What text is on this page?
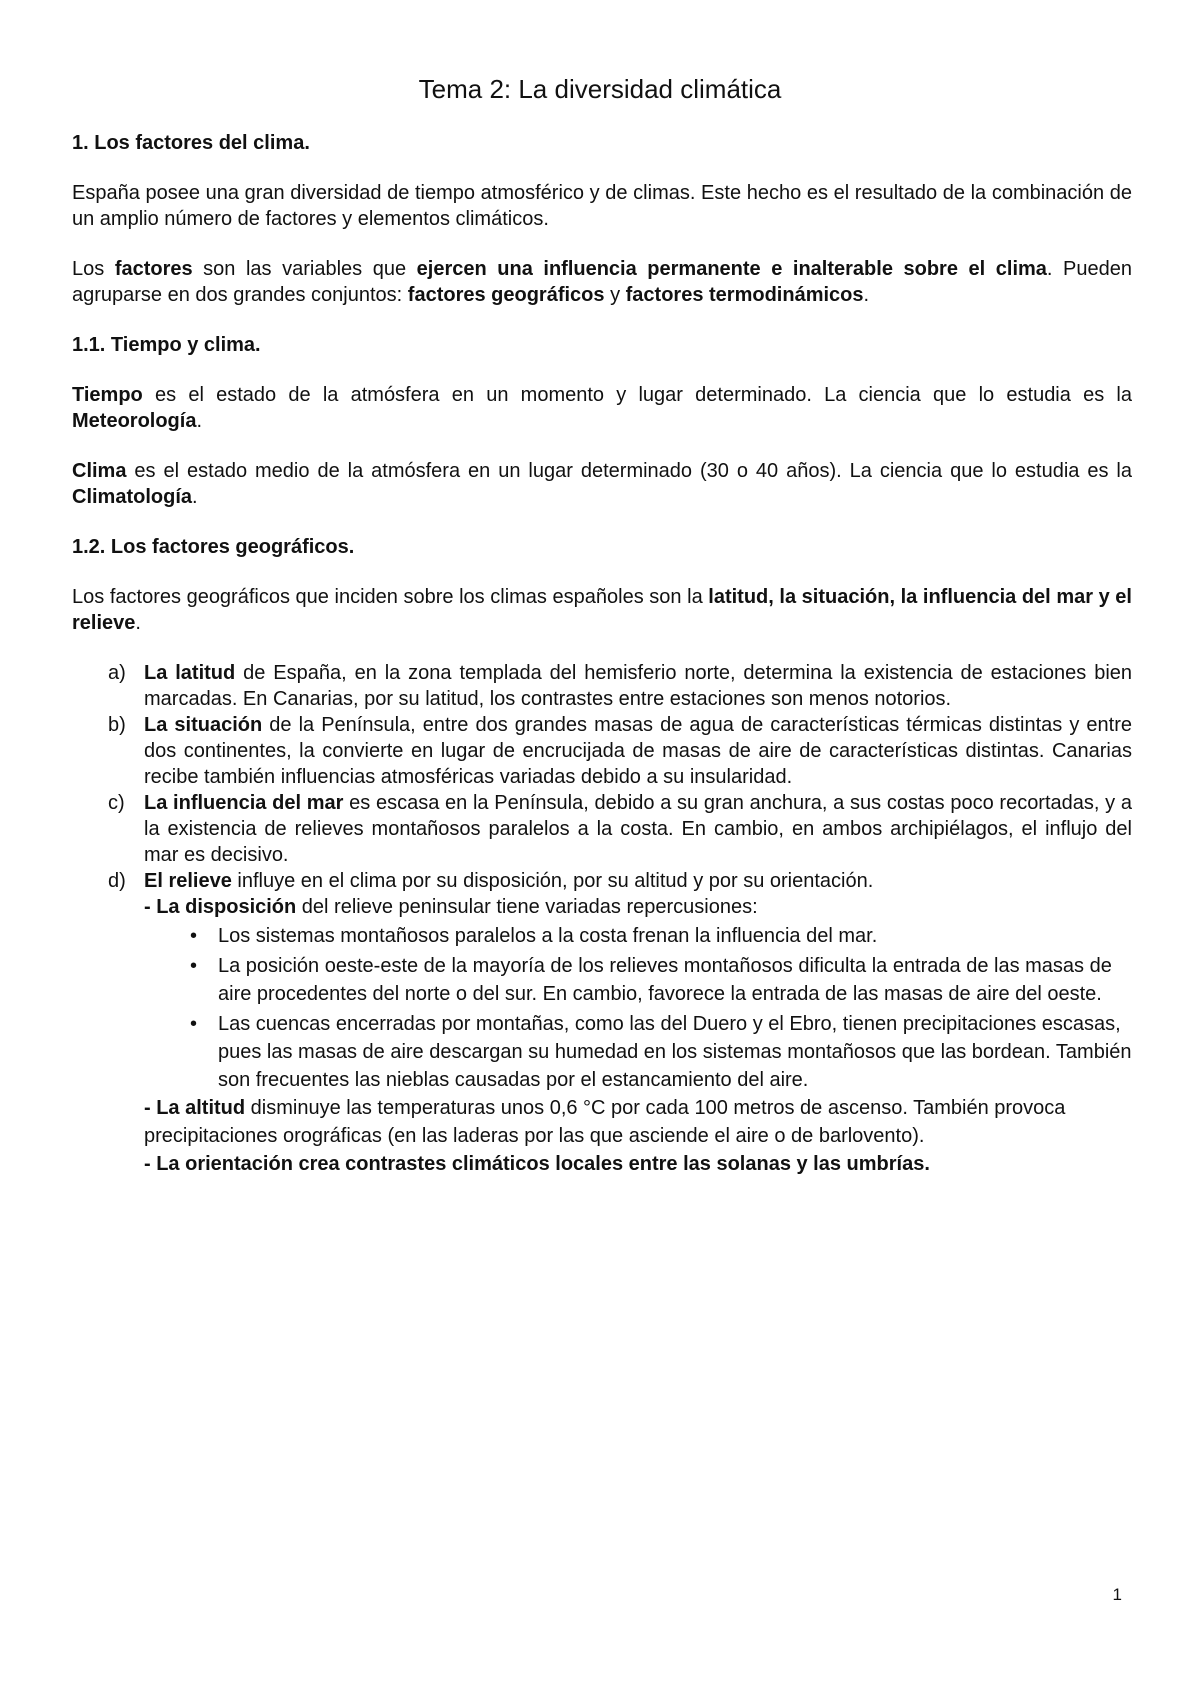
Tema 2: La diversidad climática

1. Los factores del clima.

España posee una gran diversidad de tiempo atmosférico y de climas. Este hecho es el resultado de la combinación de un amplio número de factores y elementos climáticos.

Los factores son las variables que ejercen una influencia permanente e inalterable sobre el clima. Pueden agruparse en dos grandes conjuntos: factores geográficos y factores termodinámicos.

1.1. Tiempo y clima.

Tiempo es el estado de la atmósfera en un momento y lugar determinado. La ciencia que lo estudia es la Meteorología.

Clima es el estado medio de la atmósfera en un lugar determinado (30 o 40 años). La ciencia que lo estudia es la Climatología.

1.2. Los factores geográficos.

Los factores geográficos que inciden sobre los climas españoles son la latitud, la situación, la influencia del mar y el relieve.

a) La latitud de España, en la zona templada del hemisferio norte, determina la existencia de estaciones bien marcadas. En Canarias, por su latitud, los contrastes entre estaciones son menos notorios.
b) La situación de la Península, entre dos grandes masas de agua de características térmicas distintas y entre dos continentes, la convierte en lugar de encrucijada de masas de aire de características distintas. Canarias recibe también influencias atmosféricas variadas debido a su insularidad.
c) La influencia del mar es escasa en la Península, debido a su gran anchura, a sus costas poco recortadas, y a la existencia de relieves montañosos paralelos a la costa. En cambio, en ambos archipiélagos, el influjo del mar es decisivo.
d) El relieve influye en el clima por su disposición, por su altitud y por su orientación.
- La disposición del relieve peninsular tiene variadas repercusiones:
• Los sistemas montañosos paralelos a la costa frenan la influencia del mar.
• La posición oeste-este de la mayoría de los relieves montañosos dificulta la entrada de las masas de aire procedentes del norte o del sur. En cambio, favorece la entrada de las masas de aire del oeste.
• Las cuencas encerradas por montañas, como las del Duero y el Ebro, tienen precipitaciones escasas, pues las masas de aire descargan su humedad en los sistemas montañosos que las bordean. También son frecuentes las nieblas causadas por el estancamiento del aire.
- La altitud disminuye las temperaturas unos 0,6 °C por cada 100 metros de ascenso. También provoca precipitaciones orográficas (en las laderas por las que asciende el aire o de barlovento).
- La orientación crea contrastes climáticos locales entre las solanas y las umbrías.
1
